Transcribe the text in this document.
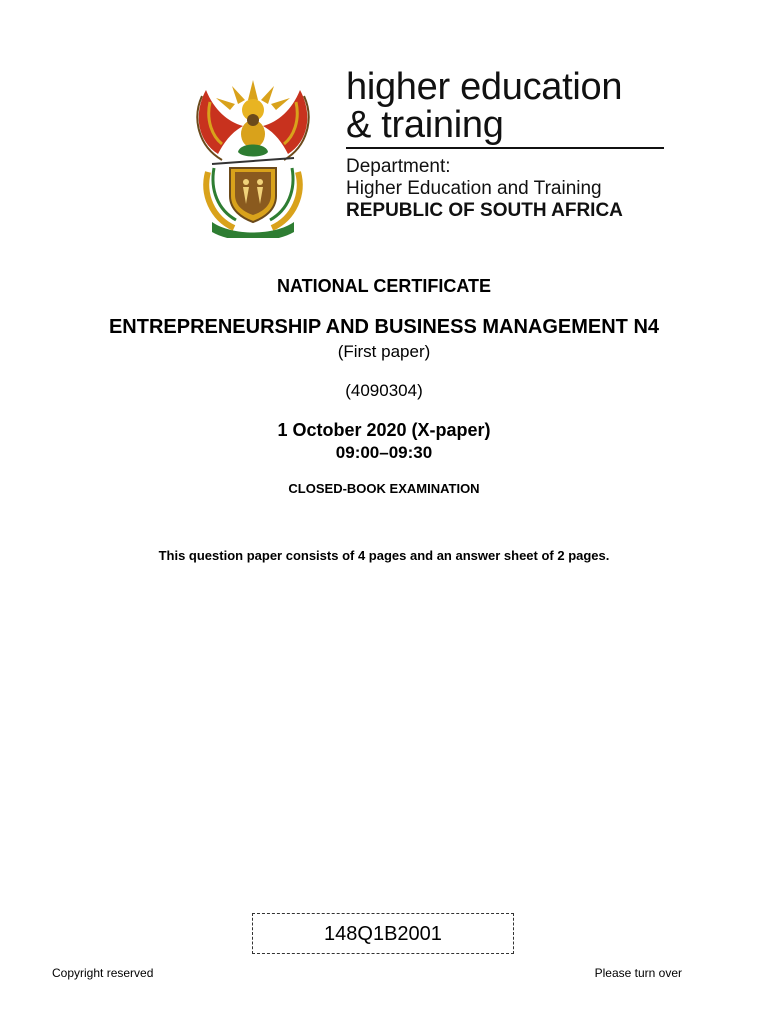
higher education
& training
Department:
Higher Education and Training
REPUBLIC OF SOUTH AFRICA
NATIONAL CERTIFICATE
ENTREPRENEURSHIP AND BUSINESS MANAGEMENT N4
(First paper)
(4090304)
1 October 2020 (X-paper)
09:00–09:30
CLOSED-BOOK EXAMINATION
This question paper consists of 4 pages and an answer sheet of 2 pages.
148Q1B2001
Copyright reserved	Please turn over
